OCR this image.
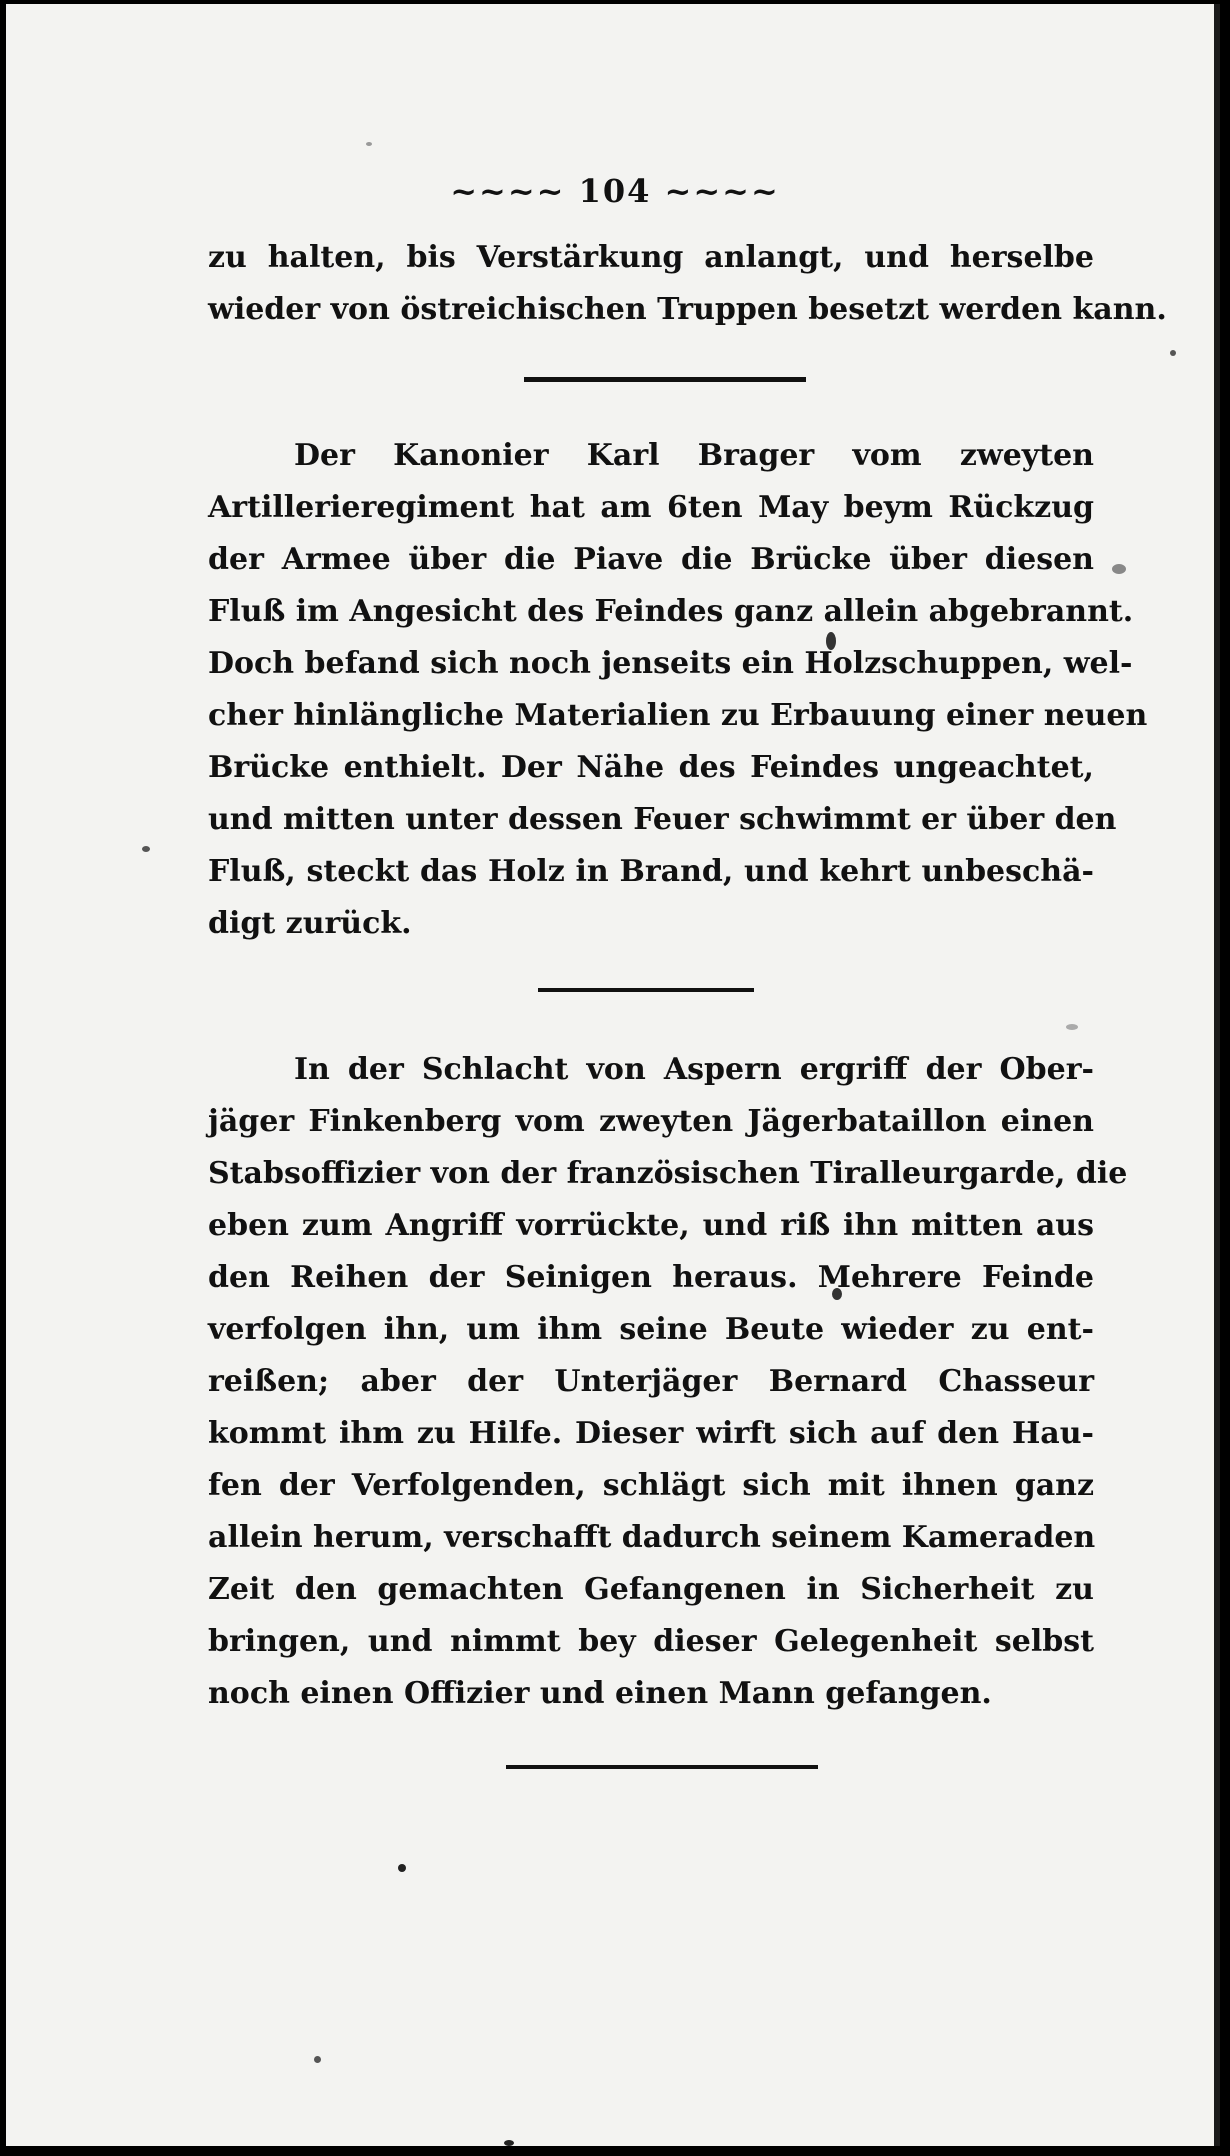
~~~~ 104 ~~~~
zu halten, bis Verstärkung anlangt, und herselbe
wieder von östreichischen Truppen besetzt werden kann.
Der Kanonier Karl Brager vom zweyten
Artillerieregiment hat am 6ten May beym Rückzug
der Armee über die Piave die Brücke über diesen
Fluß im Angesicht des Feindes ganz allein abgebrannt.
Doch befand sich noch jenseits ein Holzschuppen, wel-
cher hinlängliche Materialien zu Erbauung einer neuen
Brücke enthielt. Der Nähe des Feindes ungeachtet,
und mitten unter dessen Feuer schwimmt er über den
Fluß, steckt das Holz in Brand, und kehrt unbeschä-
digt zurück.
In der Schlacht von Aspern ergriff der Ober-
jäger Finkenberg vom zweyten Jägerbataillon einen
Stabsoffizier von der französischen Tiralleurgarde, die
eben zum Angriff vorrückte, und riß ihn mitten aus
den Reihen der Seinigen heraus. Mehrere Feinde
verfolgen ihn, um ihm seine Beute wieder zu ent-
reißen; aber der Unterjäger Bernard Chasseur
kommt ihm zu Hilfe. Dieser wirft sich auf den Hau-
fen der Verfolgenden, schlägt sich mit ihnen ganz
allein herum, verschafft dadurch seinem Kameraden
Zeit den gemachten Gefangenen in Sicherheit zu
bringen, und nimmt bey dieser Gelegenheit selbst
noch einen Offizier und einen Mann gefangen.
